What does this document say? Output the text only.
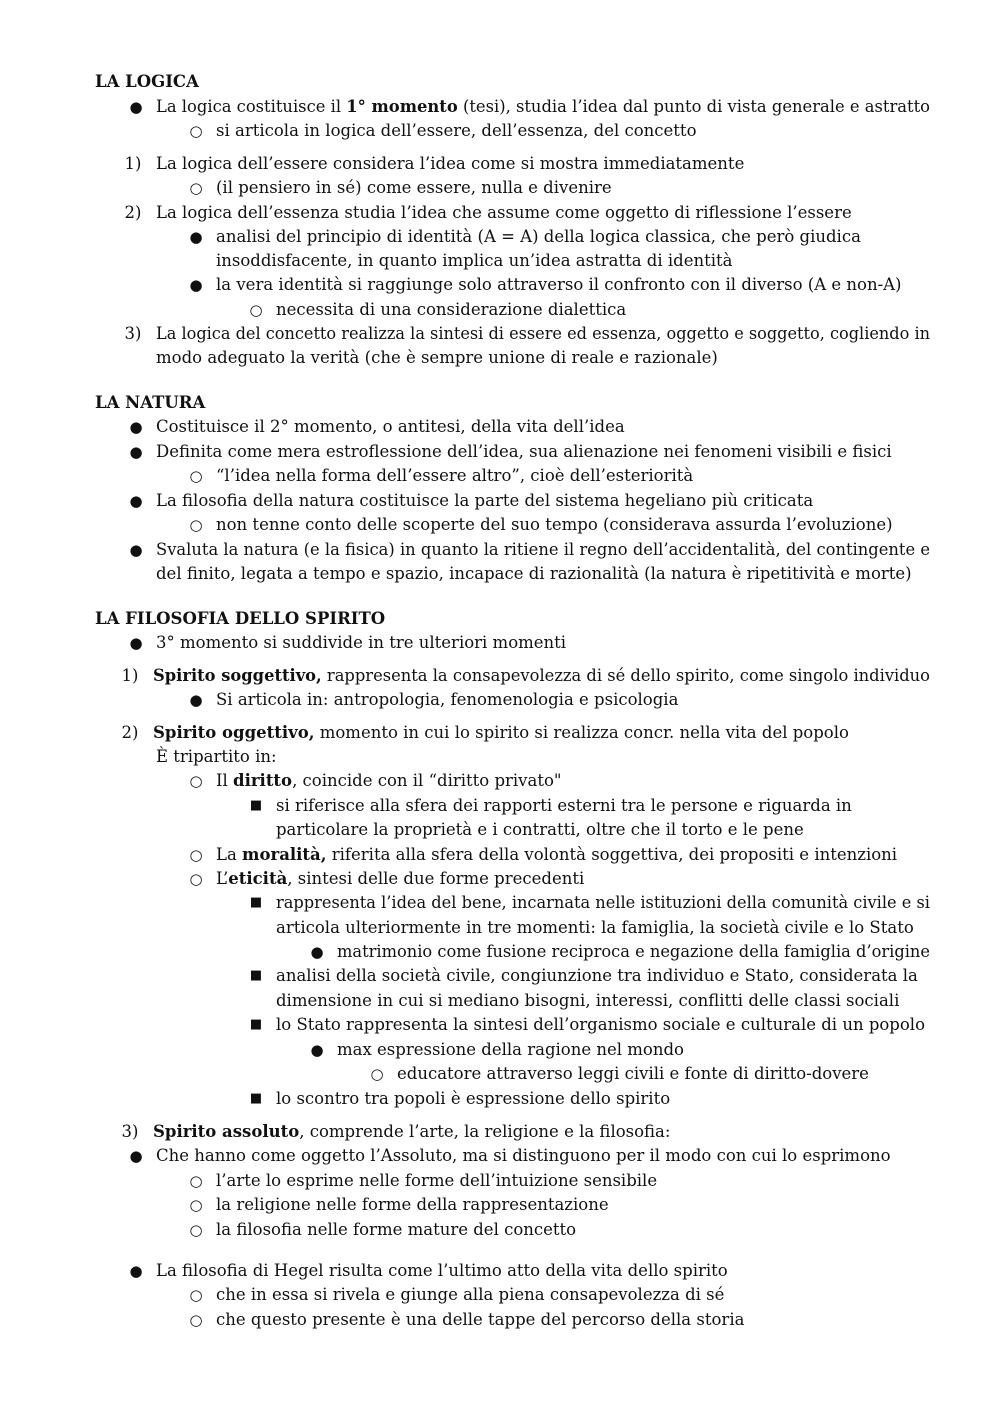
LA LOGICA
● La logica costituisce il 1° momento (tesi), studia l’idea dal punto di vista generale e astratto
○ si articola in logica dell’essere, dell’essenza, del concetto
1) La logica dell’essere considera l’idea come si mostra immediatamente
○ (il pensiero in sé) come essere, nulla e divenire
2) La logica dell’essenza studia l’idea che assume come oggetto di riflessione l’essere
● analisi del principio di identità (A = A) della logica classica, che però giudica
insoddisfacente, in quanto implica un’idea astratta di identità
● la vera identità si raggiunge solo attraverso il confronto con il diverso (A e non-A)
○ necessita di una considerazione dialettica
3) La logica del concetto realizza la sintesi di essere ed essenza, oggetto e soggetto, cogliendo in
modo adeguato la verità (che è sempre unione di reale e razionale)
LA NATURA
● Costituisce il 2° momento, o antitesi, della vita dell’idea
● Definita come mera estroflessione dell’idea, sua alienazione nei fenomeni visibili e fisici
○ “l’idea nella forma dell’essere altro”, cioè dell’esteriorità
● La filosofia della natura costituisce la parte del sistema hegeliano più criticata
○ non tenne conto delle scoperte del suo tempo (considerava assurda l’evoluzione)
● Svaluta la natura (e la fisica) in quanto la ritiene il regno dell’accidentalità, del contingente e
del finito, legata a tempo e spazio, incapace di razionalità (la natura è ripetitività e morte)
LA FILOSOFIA DELLO SPIRITO
● 3° momento si suddivide in tre ulteriori momenti
1) Spirito soggettivo, rappresenta la consapevolezza di sé dello spirito, come singolo individuo
● Si articola in: antropologia, fenomenologia e psicologia
2) Spirito oggettivo, momento in cui lo spirito si realizza concr. nella vita del popolo
È tripartito in:
○ Il diritto, coincide con il “diritto privato"
■ si riferisce alla sfera dei rapporti esterni tra le persone e riguarda in
particolare la proprietà e i contratti, oltre che il torto e le pene
○ La moralità, riferita alla sfera della volontà soggettiva, dei propositi e intenzioni
○ L’eticità, sintesi delle due forme precedenti
■ rappresenta l’idea del bene, incarnata nelle istituzioni della comunità civile e si
articola ulteriormente in tre momenti: la famiglia, la società civile e lo Stato
● matrimonio come fusione reciproca e negazione della famiglia d’origine
■ analisi della società civile, congiunzione tra individuo e Stato, considerata la
dimensione in cui si mediano bisogni, interessi, conflitti delle classi sociali
■ lo Stato rappresenta la sintesi dell’organismo sociale e culturale di un popolo
● max espressione della ragione nel mondo
○ educatore attraverso leggi civili e fonte di diritto-dovere
■ lo scontro tra popoli è espressione dello spirito
3) Spirito assoluto, comprende l’arte, la religione e la filosofia:
● Che hanno come oggetto l’Assoluto, ma si distinguono per il modo con cui lo esprimono
○ l’arte lo esprime nelle forme dell’intuizione sensibile
○ la religione nelle forme della rappresentazione
○ la filosofia nelle forme mature del concetto
● La filosofia di Hegel risulta come l’ultimo atto della vita dello spirito
○ che in essa si rivela e giunge alla piena consapevolezza di sé
○ che questo presente è una delle tappe del percorso della storia
